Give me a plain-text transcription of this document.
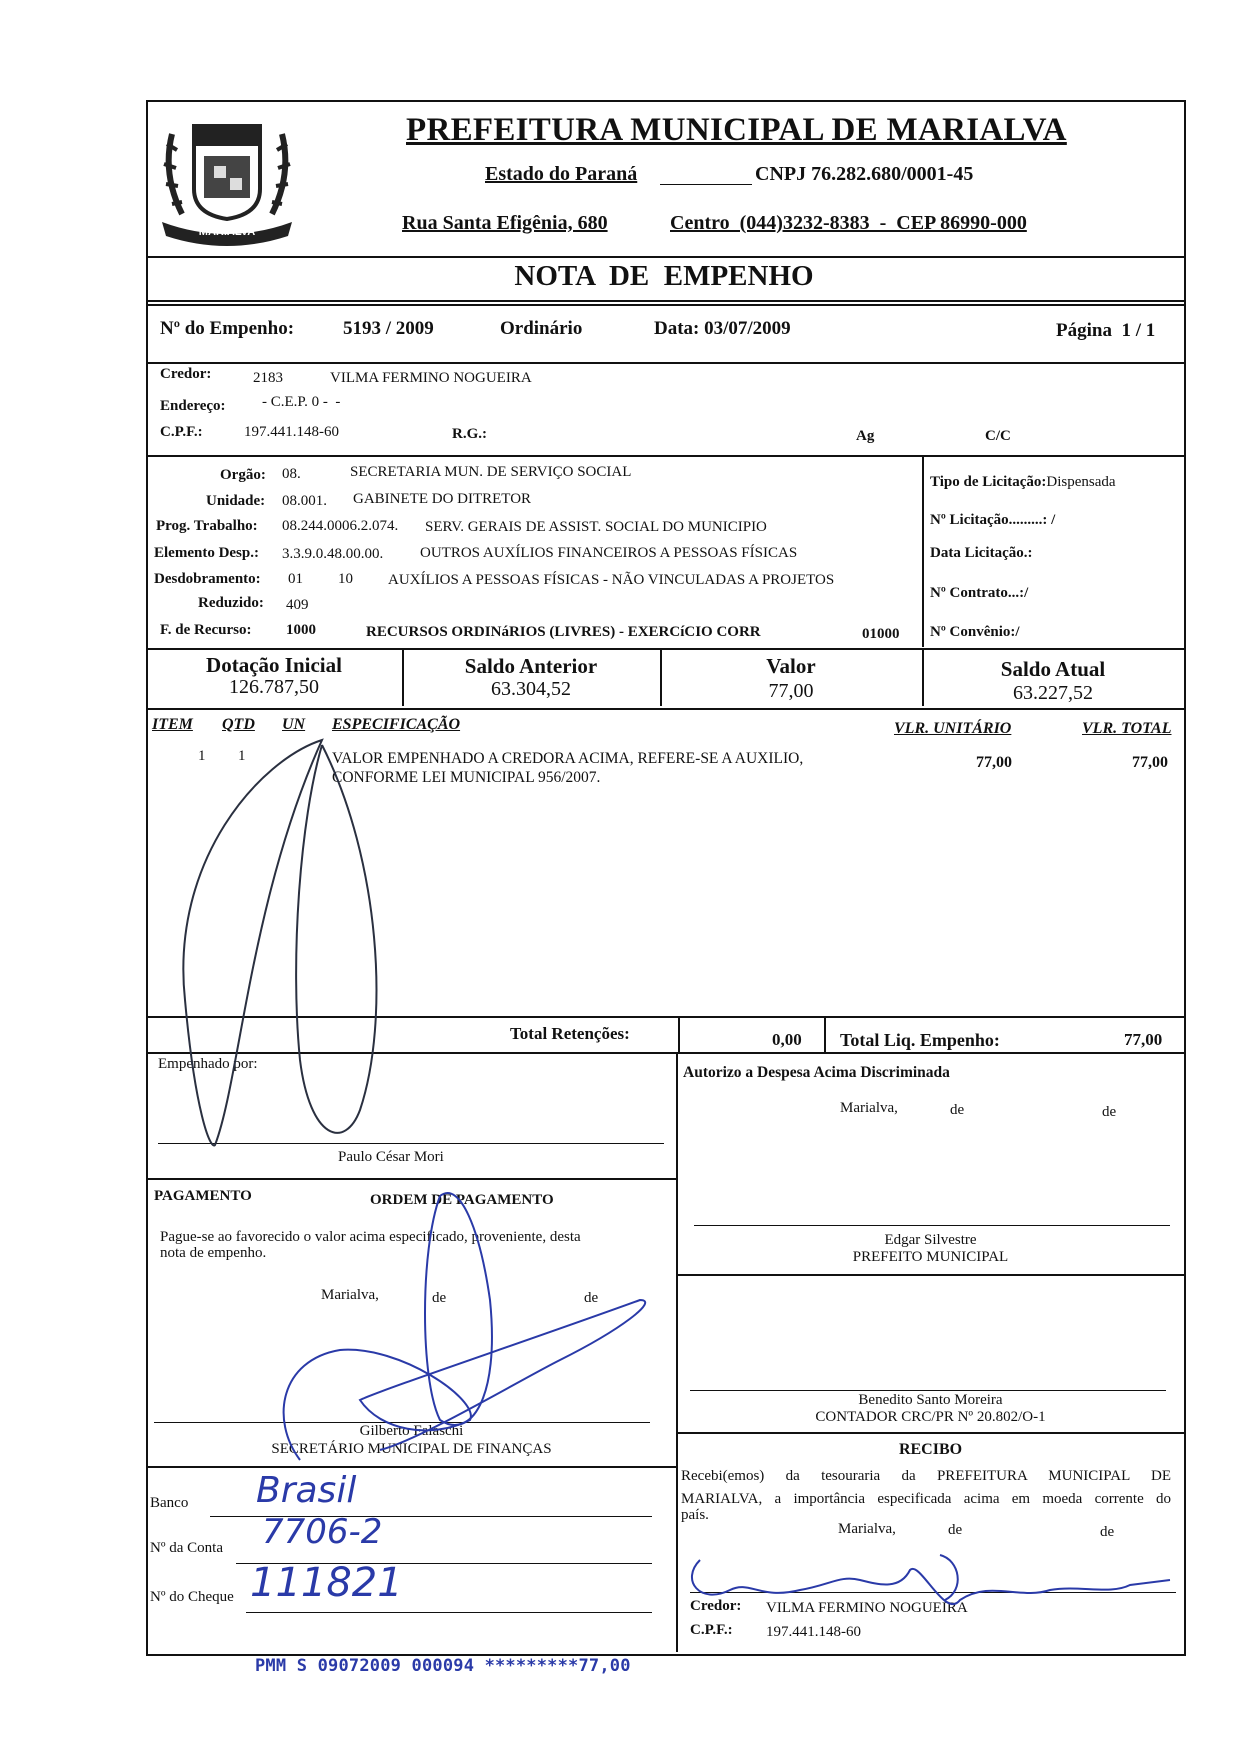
MARIALVA
PREFEITURA MUNICIPAL DE MARIALVA
Estado do Paraná	CNPJ 76.282.680/0001-45
Rua Santa Efigênia, 680	Centro  (044)3232-8383  -  CEP 86990-000
NOTA  DE  EMPENHO
Nº do Empenho:	5193 / 2009	Ordinário	Data: 03/07/2009	Página  1 / 1
Credor:	2183	VILMA FERMINO NOGUEIRA
Endereço: - C.E.P. 0 -  -
C.P.F.:	197.441.148-60	R.G.:	Ag	C/C
Orgão: 08.	SECRETARIA MUN. DE SERVIÇO SOCIAL
Unidade: 08.001. GABINETE DO DITRETOR
Prog. Trabalho: 08.244.0006.2.074. SERV. GERAIS DE ASSIST. SOCIAL DO MUNICIPIO
Elemento Desp.: 3.3.9.0.48.00.00. OUTROS AUXÍLIOS FINANCEIROS A PESSOAS FÍSICAS
Desdobramento: 01 10 AUXÍLIOS A PESSOAS FÍSICAS - NÃO VINCULADAS A PROJETOS
Reduzido: 409
F. de Recurso: 1000	RECURSOS ORDINáRIOS (LIVRES) - EXERCíCIO CORR	01000
Tipo de Licitação:Dispensada
Nº Licitação.........: /
Data Licitação.:
Nº Contrato...:/
Nº Convênio:/
Dotação Inicial
126.787,50
Saldo Anterior
63.304,52
Valor
77,00
Saldo Atual
63.227,52
ITEM QTD UN ESPECIFICAÇÃO	VLR. UNITÁRIO	VLR. TOTAL
1 1	VALOR EMPENHADO A CREDORA ACIMA, REFERE-SE A AUXILIO,
CONFORME LEI MUNICIPAL 956/2007.
77,00	77,00
Total Retenções:	0,00 Total Liq. Empenho:	77,00
Empenhado por:
Paulo César Mori
Autorizo a Despesa Acima Discriminada
Marialva,	de	de
Edgar Silvestre
PREFEITO MUNICIPAL
PAGAMENTO	ORDEM DE PAGAMENTO
Pague-se ao favorecido o valor acima especificado, proveniente, desta
nota de empenho.
Marialva,	de	de
Gilberto Falaschi
SECRETÁRIO MUNICIPAL DE FINANÇAS
Benedito Santo Moreira
CONTADOR CRC/PR Nº 20.802/O-1
RECIBO
Recebi(emos) da tesouraria da PREFEITURA MUNICIPAL DE
MARIALVA, a importância especificada acima em moeda corrente do
país.
Marialva,	de	de
Credor: VILMA FERMINO NOGUEIRA
C.P.F.: 197.441.148-60
Banco Brasil
Nº da Conta 7706-2
Nº do Cheque 111821
PMM S 09072009 000094 *********77,00
